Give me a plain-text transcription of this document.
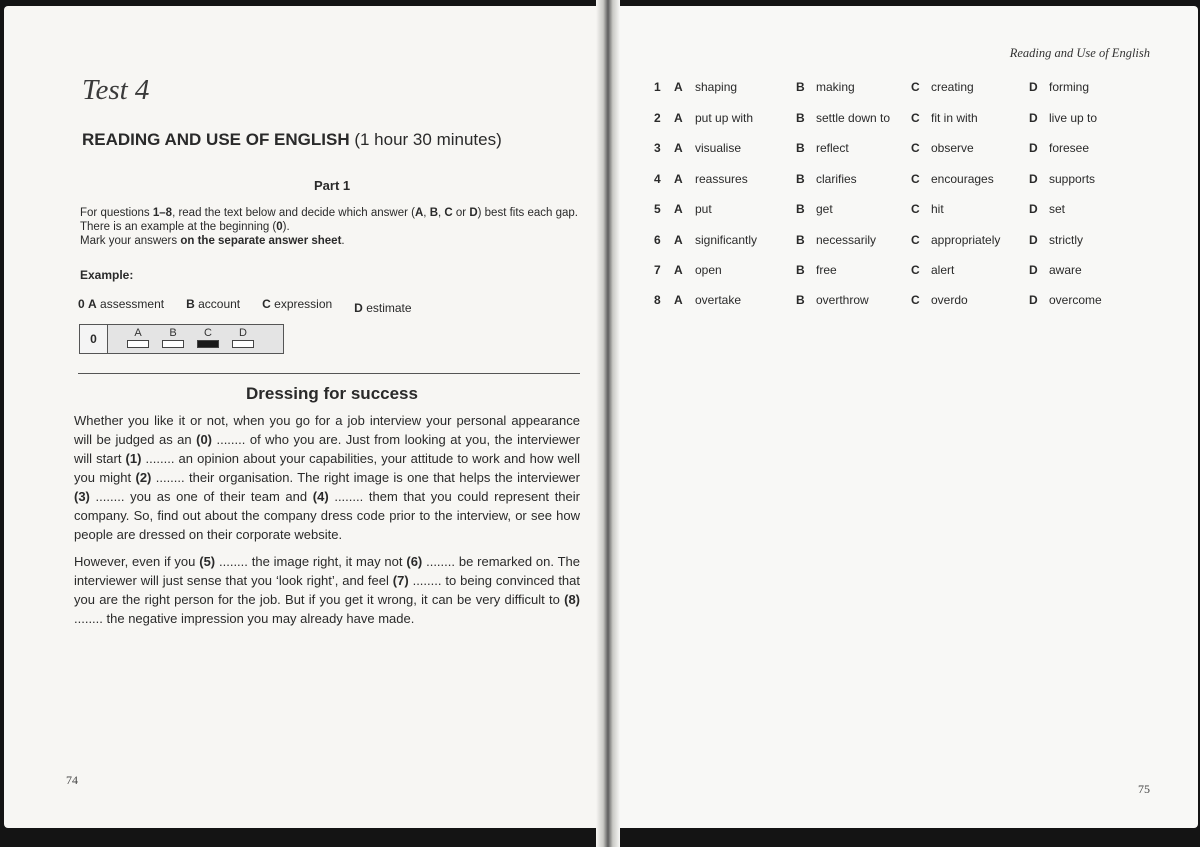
Test 4
READING AND USE OF ENGLISH (1 hour 30 minutes)
Part 1

For questions 1–8, read the text below and decide which answer (A, B, C or D) best fits each gap.

There is an example at the beginning (0).

Mark your answers on the separate answer sheet.

Example:
0 A assessment B account C expression D estimate
0	A	B	C	D
Dressing for success

Whether you like it or not, when you go for a job interview your personal appearance will be judged as an (0) ........ of who you are. Just from looking at you, the interviewer will start (1) ........ an opinion about your capabilities, your attitude to work and how well you might (2) ........ their organisation. The right image is one that helps the interviewer (3) ........ you as one of their team and (4) ........ them that you could represent their company. So, find out about the company dress code prior to the interview, or see how people are dressed on their corporate website.

However, even if you (5) ........ the image right, it may not (6) ........ be remarked on. The interviewer will just sense that you ‘look right’, and feel (7) ........ to being convinced that you are the right person for the job. But if you get it wrong, it can be very difficult to (8) ........ the negative impression you may already have made.

74
Reading and Use of English
75
1 A shaping	B making	C creating	D forming
2 A put up with	B settle down to C fit in with	D live up to
3 A visualise	B reflect	C observe	D foresee
4 A reassures	B clarifies	C encourages	D supports
5 A put	B get	C hit	D set
6 A significantly	B necessarily	C appropriately D strictly
7 A open	B free	C alert	D aware
8 A overtake	B overthrow	C overdo	D overcome
